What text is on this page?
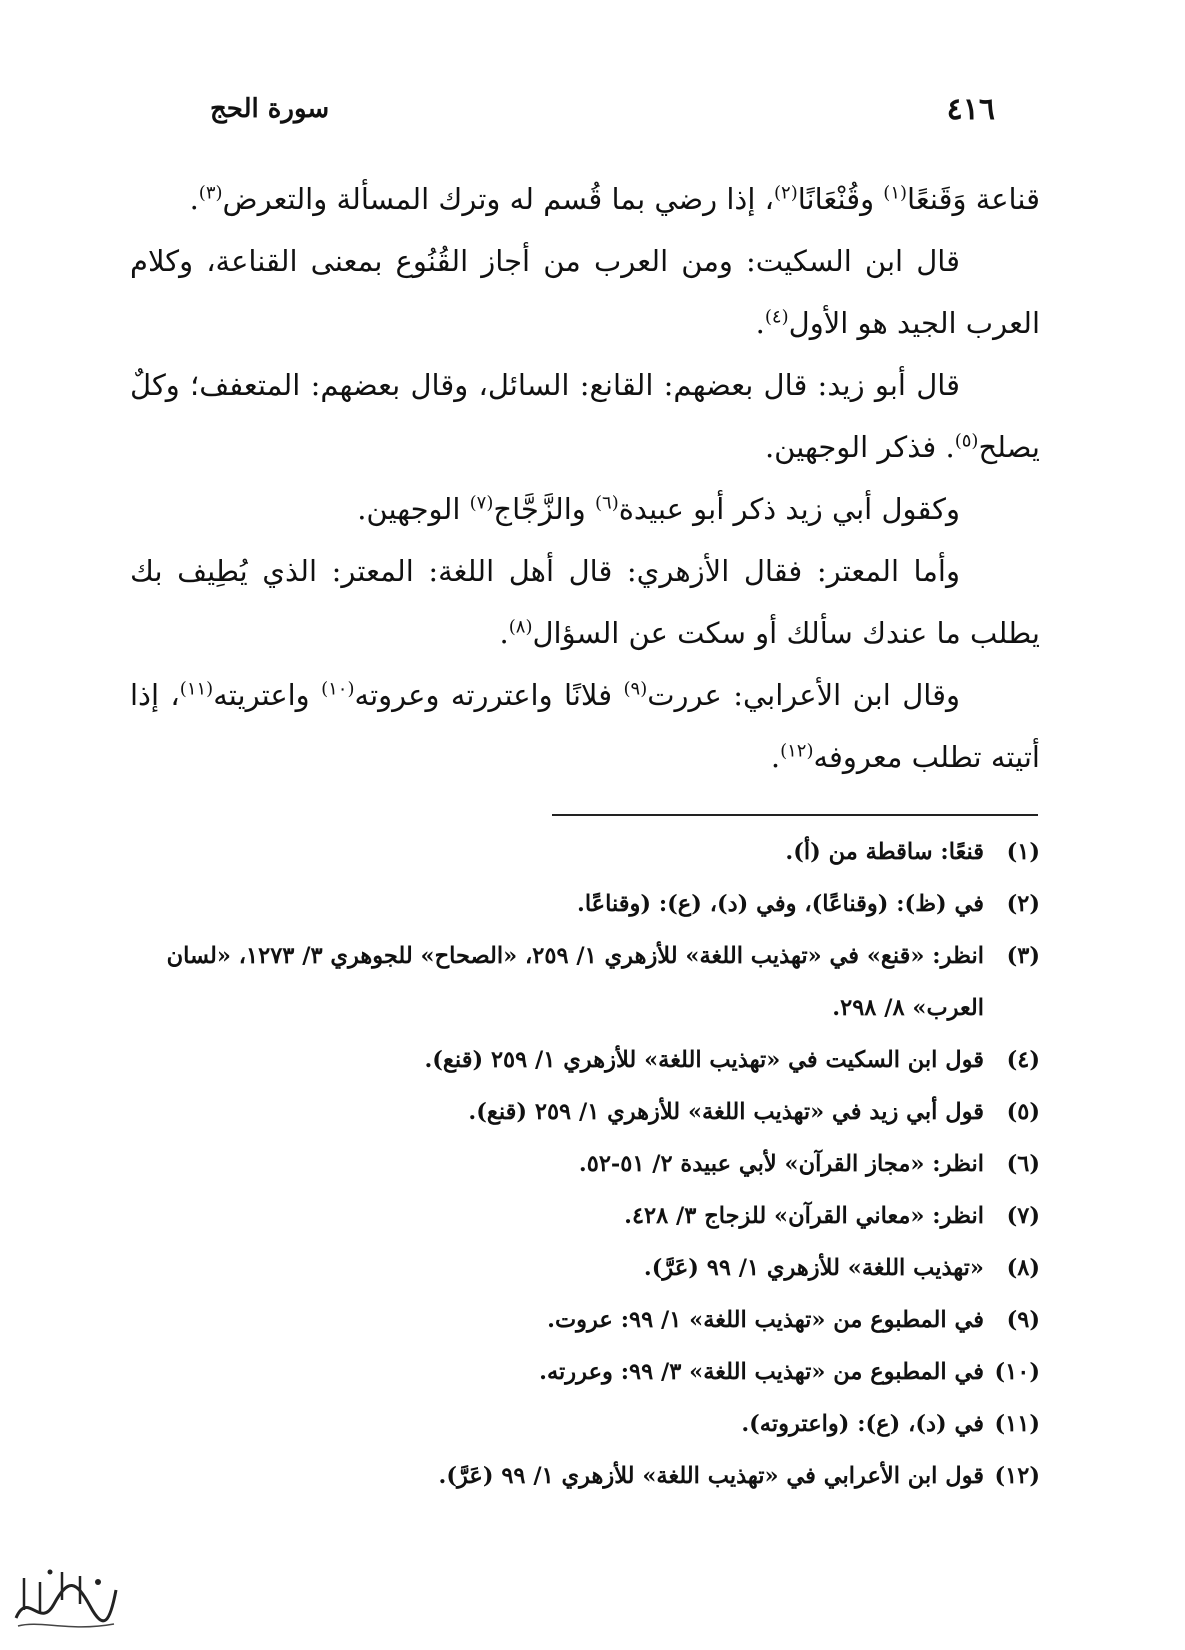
٤١٦
سورة الحج

قناعة وَقَنعًا$^{(١)}$ وقُنْعَانًا$^{(٢)}$، إذا رضي بما قُسم له وترك المسألة والتعرض$^{(٣)}$.

قال ابن السكيت: ومن العرب من أجاز القُنُوع بمعنى القناعة، وكلام العرب الجيد هو الأول$^{(٤)}$.

قال أبو زيد: قال بعضهم: القانع: السائل، وقال بعضهم: المتعفف؛ وكلٌ يصلح$^{(٥)}$. فذكر الوجهين.

وكقول أبي زيد ذكر أبو عبيدة$^{(٦)}$ والزَّجَّاج$^{(٧)}$ الوجهين.

وأما المعتر: فقال الأزهري: قال أهل اللغة: المعتر: الذي يُطِيف بك يطلب ما عندك سألك أو سكت عن السؤال$^{(٨)}$.

وقال ابن الأعرابي: عررت$^{(٩)}$ فلانًا واعتررته وعروته$^{(١٠)}$ واعتريته$^{(١١)}$، إذا أتيته تطلب معروفه$^{(١٢)}$.

(١)
قنعًا: ساقطة من (أ).
(٢)
في (ظ): (وقناعًا)، وفي (د)، (ع): (وقناعًا.
(٣)
انظر: «قنع» في «تهذيب اللغة» للأزهري ١/ ٢٥٩، «الصحاح» للجوهري ٣/ ١٢٧٣، «لسان العرب» ٨/ ٢٩٨.
(٤)
قول ابن السكيت في «تهذيب اللغة» للأزهري ١/ ٢٥٩ (قنع).
(٥)
قول أبي زيد في «تهذيب اللغة» للأزهري ١/ ٢٥٩ (قنع).
(٦)
انظر: «مجاز القرآن» لأبي عبيدة ٢/ ٥١-٥٢.
(٧)
انظر: «معاني القرآن» للزجاج ٣/ ٤٢٨.
(٨)
«تهذيب اللغة» للأزهري ١/ ٩٩ (عَرَّ).
(٩)
في المطبوع من «تهذيب اللغة» ١/ ٩٩: عروت.
(١٠)
في المطبوع من «تهذيب اللغة» ٣/ ٩٩: وعررته.
(١١)
في (د)، (ع): (واعتروته).
(١٢)
قول ابن الأعرابي في «تهذيب اللغة» للأزهري ١/ ٩٩ (عَرَّ).
